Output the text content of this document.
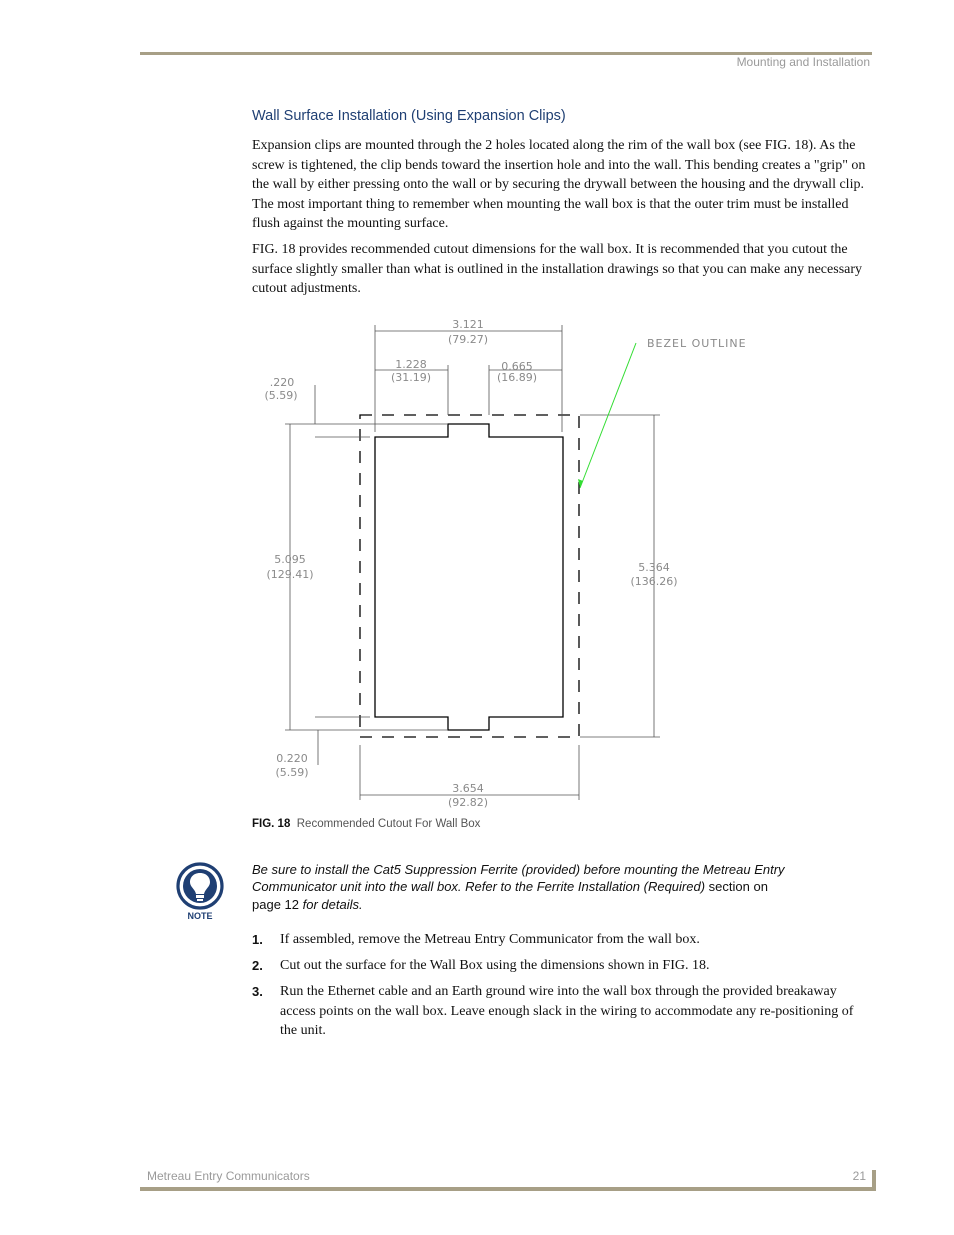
Mounting and Installation
Wall Surface Installation (Using Expansion Clips)

Expansion clips are mounted through the 2 holes located along the rim of the wall box (see FIG. 18). As the screw is tightened, the clip bends toward the insertion hole and into the wall. This bending creates a "grip" on the wall by either pressing onto the wall or by securing the drywall between the housing and the drywall clip. The most important thing to remember when mounting the wall box is that the outer trim must be installed flush against the mounting surface.

FIG. 18 provides recommended cutout dimensions for the wall box. It is recommended that you cutout the surface slightly smaller than what is outlined in the installation drawings so that you can make any necessary cutout adjustments.

3.121
(79.27)
1.228
(31.19)
0.665
(16.89)
.220
(5.59)
5.095
(129.41)
5.364
(136.26)
0.220
(5.59)
3.654
(92.82)
BEZEL OUTLINE
FIG. 18 Recommended Cutout For Wall Box
NOTE
Be sure to install the Cat5 Suppression Ferrite (provided) before mounting the Metreau Entry Communicator unit into the wall box. Refer to the Ferrite Installation (Required) section on page 12 for details.
1. If assembled, remove the Metreau Entry Communicator from the wall box.
2. Cut out the surface for the Wall Box using the dimensions shown in FIG. 18.
3. Run the Ethernet cable and an Earth ground wire into the wall box through the provided breakaway access points on the wall box. Leave enough slack in the wiring to accommodate any re-positioning of the unit.
Metreau Entry Communicators	21
